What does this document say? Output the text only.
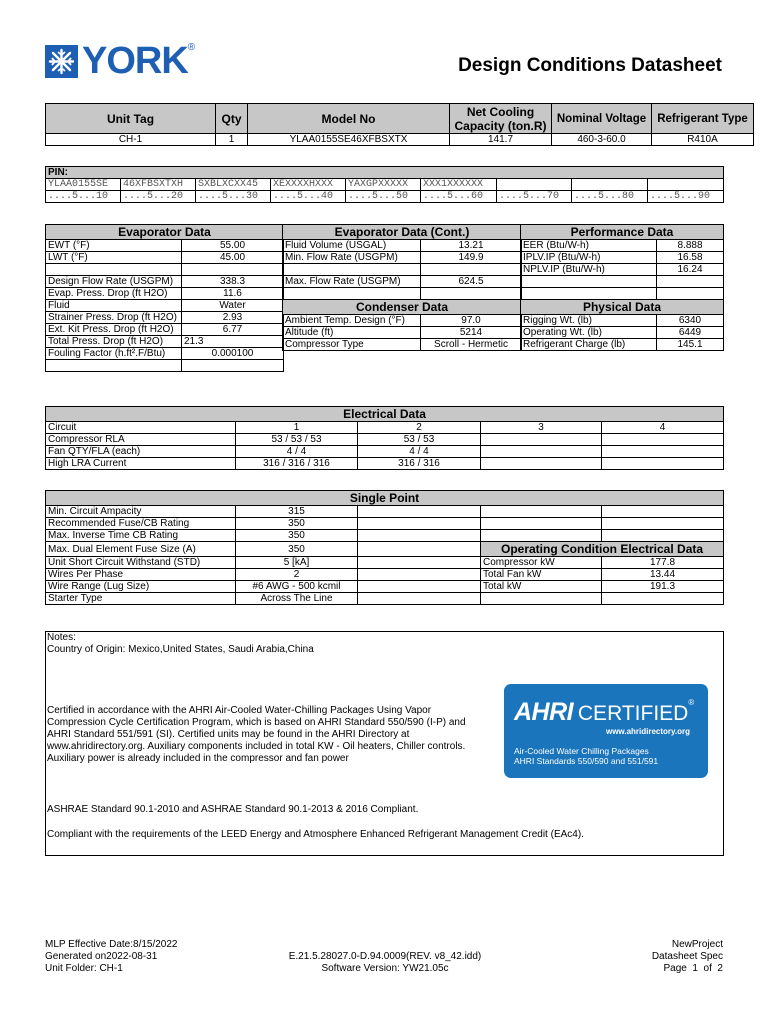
YORK ®
Design Conditions Datasheet
Unit Tag	Qty	Model No	Net Cooling Capacity (ton.R)	Nominal Voltage	Refrigerant Type
CH-1	1	YLAA0155SE46XFBSXTX	141.7	460-3-60.0	R410A
PIN:								
YLAA0155SE	46XFBSXTXH	SXBLXCXX45	XEXXXXHXXX	YAXGPXXXXX	XXX1XXXXXX			
....5...10	....5...20	....5...30	....5...40	....5...50	....5...60	....5...70	....5...80	....5...90
Evaporator Data	
EWT (°F)	55.00
LWT (°F)	45.00

Design Flow Rate (USGPM)	338.3
Evap. Press. Drop (ft H2O)	11.6
Fluid	Water
Strainer Press. Drop (ft H2O)	2.93
Ext. Kit Press. Drop (ft H2O)	6.77
Total Press. Drop (ft H2O)	21.3
Fouling Factor (h.ft².F/Btu)	0.000100

Evaporator Data (Cont.)	
Fluid Volume (USGAL)	13.21
Min. Flow Rate (USGPM)	149.9

Max. Flow Rate (USGPM)	624.5

Condenser Data	
Ambient Temp. Design (°F)	97.0
Altitude (ft)	5214
Compressor Type	Scroll - Hermetic
Performance Data	
EER (Btu/W-h)	8.888
IPLV.IP (Btu/W-h)	16.58
NPLV.IP (Btu/W-h)	16.24

Physical Data	
Rigging Wt. (lb)	6340
Operating Wt. (lb)	6449
Refrigerant Charge (lb)	145.1
Electrical Data				
Circuit	1	2	3	4
Compressor RLA	53 / 53 / 53	53 / 53		
Fan QTY/FLA (each)	4 / 4	4 / 4		
High LRA Current	316 / 316 / 316	316 / 316		
Single Point				
Min. Circuit Ampacity	315			
Recommended Fuse/CB Rating	350			
Max. Inverse Time CB Rating	350			
Max. Dual Element Fuse Size (A)	350		Operating Condition Electrical Data	
Unit Short Circuit Withstand (STD)	5 [kA]		Compressor kW	177.8
Wires Per Phase	2		Total Fan kW	13.44
Wire Range (Lug Size)	#6 AWG - 500 kcmil		Total kW	191.3
Starter Type	Across The Line			

Notes:

Country of Origin: Mexico,United States, Saudi Arabia,China

Certified in accordance with the AHRI Air-Cooled Water-Chilling Packages Using Vapor

Compression Cycle Certification Program, which is based on AHRI Standard 550/590 (I-P) and

AHRI Standard 551/591 (SI). Certified units may be found in the AHRI Directory at

www.ahridirectory.org. Auxiliary components included in total KW - Oil heaters, Chiller controls.

Auxiliary power is already included in the compressor and fan power

ASHRAE Standard 90.1-2010 and ASHRAE Standard 90.1-2013 & 2016 Compliant.

Compliant with the requirements of the LEED Energy and Atmosphere Enhanced Refrigerant Management Credit (EAc4).

AHRI CERTIFIED®
www.ahridirectory.org
Air-Cooled Water Chilling Packages
AHRI Standards 550/590 and 551/591
MLP Effective Date:8/15/2022
Generated on2022-08-31
Unit Folder: CH-1
E.21.5.28027.0-D.94.0009(REV. v8_42.idd)
Software Version: YW21.05c
NewProject
Datasheet Spec
Page  1  of  2
